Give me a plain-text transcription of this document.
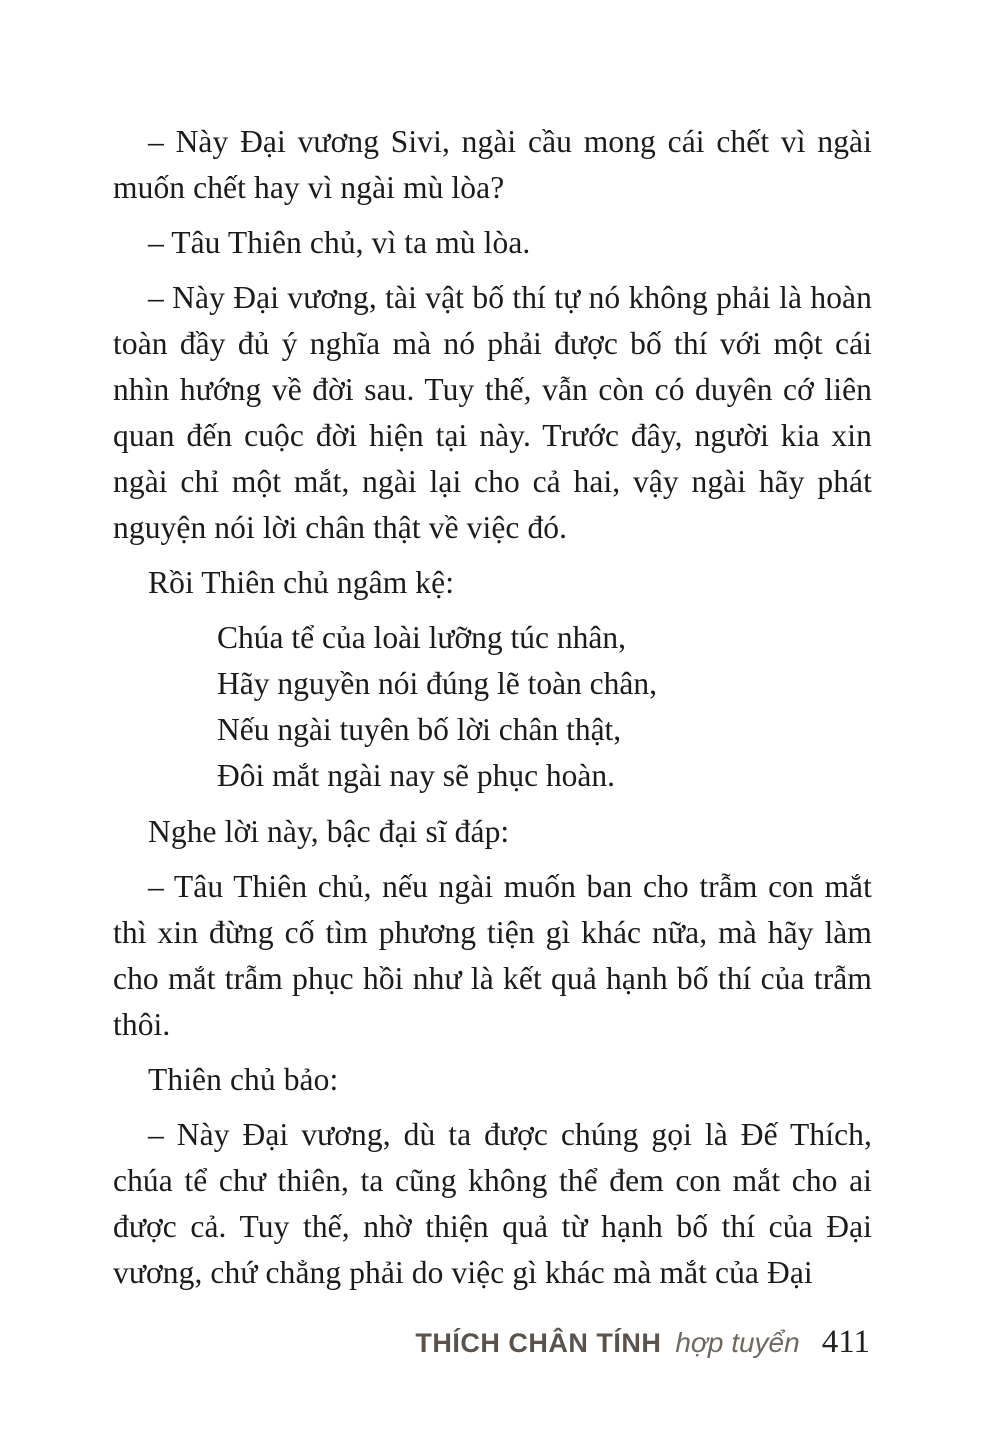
– Này Đại vương Sivi, ngài cầu mong cái chết vì ngài muốn chết hay vì ngài mù lòa?

– Tâu Thiên chủ, vì ta mù lòa.

– Này Đại vương, tài vật bố thí tự nó không phải là hoàn toàn đầy đủ ý nghĩa mà nó phải được bố thí với một cái nhìn hướng về đời sau. Tuy thế, vẫn còn có duyên cớ liên quan đến cuộc đời hiện tại này. Trước đây, người kia xin ngài chỉ một mắt, ngài lại cho cả hai, vậy ngài hãy phát nguyện nói lời chân thật về việc đó.

Rồi Thiên chủ ngâm kệ:

Chúa tể của loài lưỡng túc nhân,

Hãy nguyền nói đúng lẽ toàn chân,

Nếu ngài tuyên bố lời chân thật,

Đôi mắt ngài nay sẽ phục hoàn.

Nghe lời này, bậc đại sĩ đáp:

– Tâu Thiên chủ, nếu ngài muốn ban cho trẫm con mắt thì xin đừng cố tìm phương tiện gì khác nữa, mà hãy làm cho mắt trẫm phục hồi như là kết quả hạnh bố thí của trẫm thôi.

Thiên chủ bảo:

– Này Đại vương, dù ta được chúng gọi là Đế Thích, chúa tể chư thiên, ta cũng không thể đem con mắt cho ai được cả. Tuy thế, nhờ thiện quả từ hạnh bố thí của Đại vương, chứ chẳng phải do việc gì khác mà mắt của Đại

THÍCH CHÂN TÍNH hợp tuyển 411
